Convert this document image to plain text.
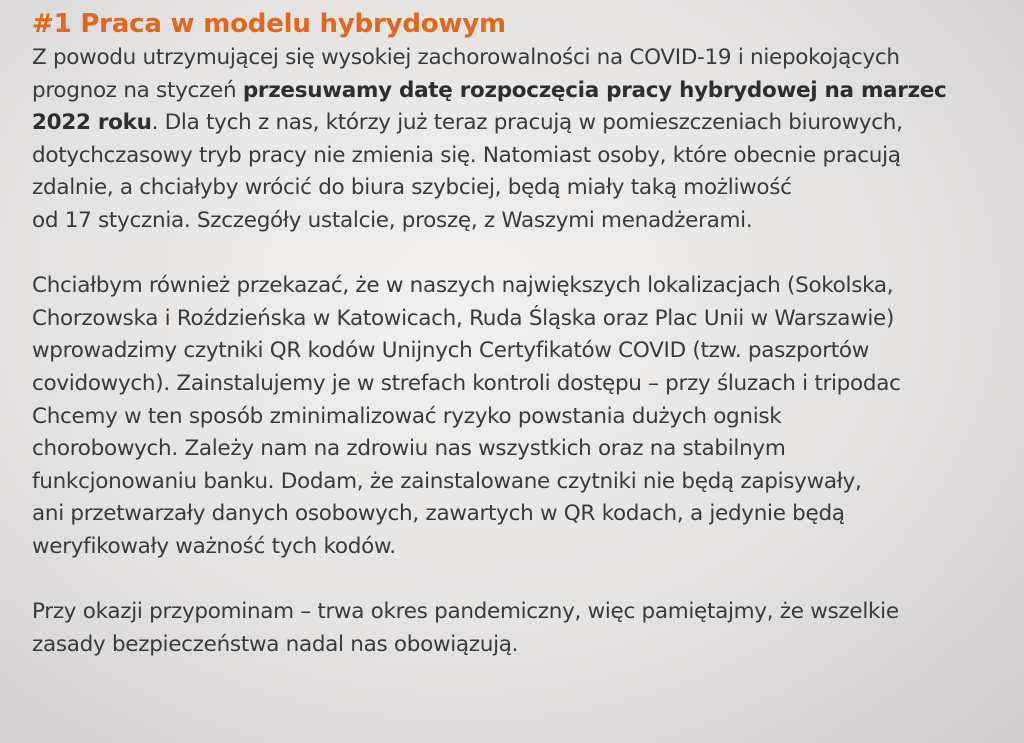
#1 Praca w modelu hybrydowym

Z powodu utrzymującej się wysokiej zachorowalności na COVID-19 i niepokojących
prognoz na styczeń przesuwamy datę rozpoczęcia pracy hybrydowej na marzec
2022 roku. Dla tych z nas, którzy już teraz pracują w pomieszczeniach biurowych,
dotychczasowy tryb pracy nie zmienia się. Natomiast osoby, które obecnie pracują
zdalnie, a chciałyby wrócić do biura szybciej, będą miały taką możliwość
od 17 stycznia. Szczegóły ustalcie, proszę, z Waszymi menadżerami.

Chciałbym również przekazać, że w naszych największych lokalizacjach (Sokolska,
Chorzowska i Roździeńska w Katowicach, Ruda Śląska oraz Plac Unii w Warszawie)
wprowadzimy czytniki QR kodów Unijnych Certyfikatów COVID (tzw. paszportów
covidowych). Zainstalujemy je w strefach kontroli dostępu – przy śluzach i tripodac
Chcemy w ten sposób zminimalizować ryzyko powstania dużych ognisk
chorobowych. Zależy nam na zdrowiu nas wszystkich oraz na stabilnym
funkcjonowaniu banku. Dodam, że zainstalowane czytniki nie będą zapisywały,
ani przetwarzały danych osobowych, zawartych w QR kodach, a jedynie będą
weryfikowały ważność tych kodów.

Przy okazji przypominam – trwa okres pandemiczny, więc pamiętajmy, że wszelkie
zasady bezpieczeństwa nadal nas obowiązują.
